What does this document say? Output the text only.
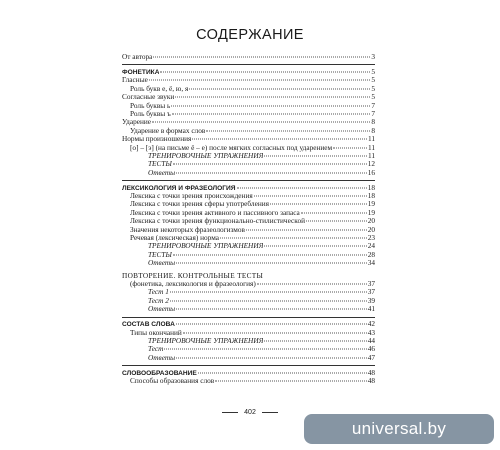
СОДЕРЖАНИЕ
От автора	3
ФОНЕТИКА	5
Гласные	5
Роль букв е, ё, ю, я	5
Согласные звуки	5
Роль буквы ь	7
Роль буквы ъ	7
Ударение	8
Ударение в формах слов	8
Нормы произношения	11
[о] – [э] (на письме ё – е) после мягких согласных под ударением	11
ТРЕНИРОВОЧНЫЕ УПРАЖНЕНИЯ	11
ТЕСТЫ	12
Ответы	16
ЛЕКСИКОЛОГИЯ И ФРАЗЕОЛОГИЯ	18
Лексика с точки зрения происхождения	18
Лексика с точки зрения сферы употребления	19
Лексика с точки зрения активного и пассивного запаса	19
Лексика с точки зрения функционально-стилистической	20
Значения некоторых фразеологизмов	20
Речевая (лексическая) норма	23
ТРЕНИРОВОЧНЫЕ УПРАЖНЕНИЯ	24
ТЕСТЫ	28
Ответы	34
ПОВТОРЕНИЕ. КОНТРОЛЬНЫЕ ТЕСТЫ
(фонетика, лексикология и фразеология)	37
Тест 1	37
Тест 2	39
Ответы	41
СОСТАВ СЛОВА	42
Типы окончаний	43
ТРЕНИРОВОЧНЫЕ УПРАЖНЕНИЯ	44
Тест	46
Ответы	47
СЛОВООБРАЗОВАНИЕ	48
Способы образования слов	48
402
universal.by
